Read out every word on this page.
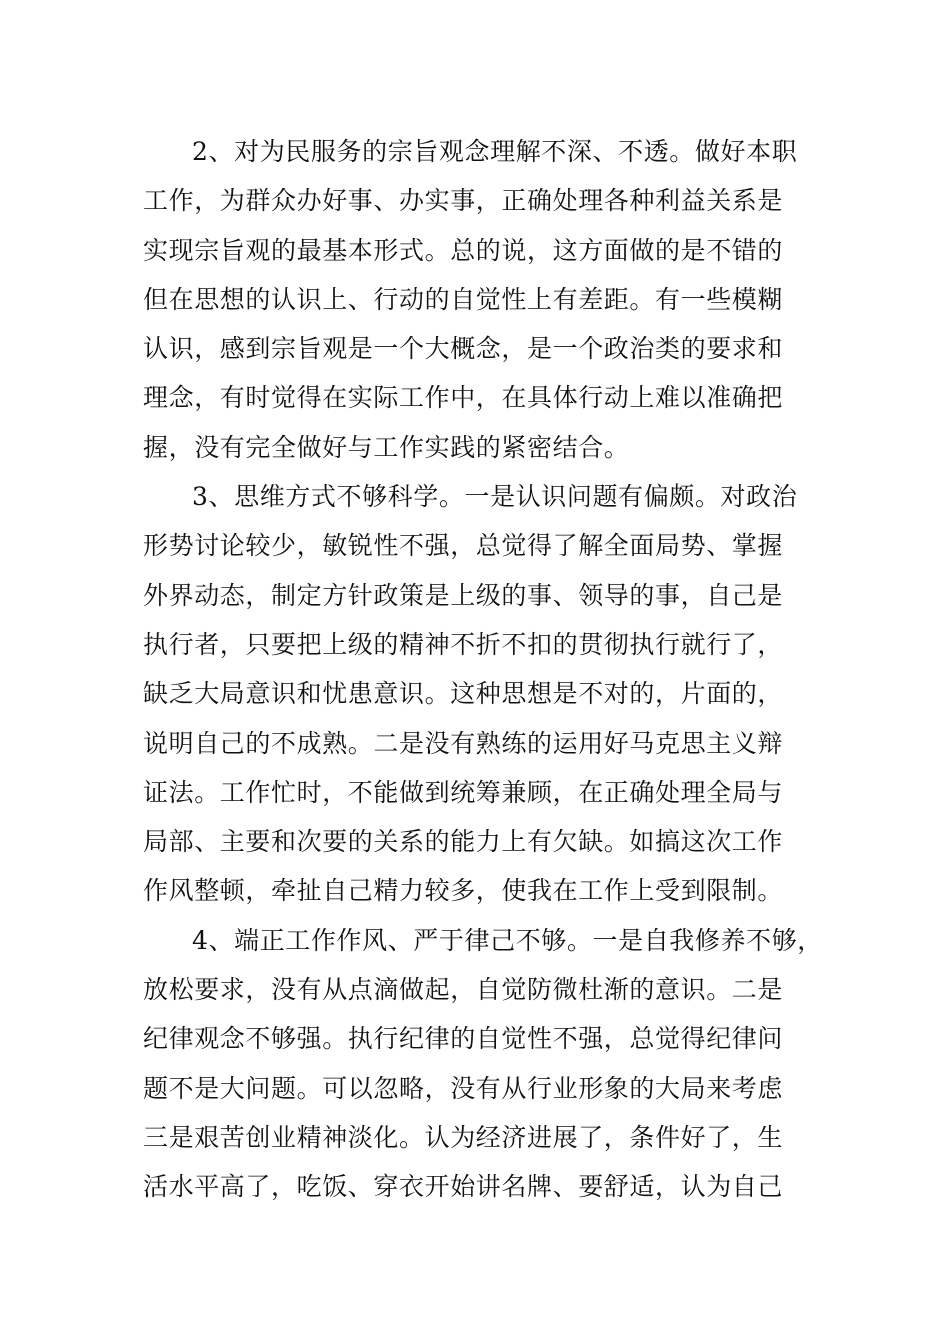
2、对为民服务的宗旨观念理解不深、不透。做好本职
工作，为群众办好事、办实事，正确处理各种利益关系是
实现宗旨观的最基本形式。总的说，这方面做的是不错的
但在思想的认识上、行动的自觉性上有差距。有一些模糊
认识，感到宗旨观是一个大概念，是一个政治类的要求和
理念，有时觉得在实际工作中，在具体行动上难以准确把
握，没有完全做好与工作实践的紧密结合。
3、思维方式不够科学。一是认识问题有偏颇。对政治
形势讨论较少，敏锐性不强，总觉得了解全面局势、掌握
外界动态，制定方针政策是上级的事、领导的事，自己是
执行者，只要把上级的精神不折不扣的贯彻执行就行了，
缺乏大局意识和忧患意识。这种思想是不对的，片面的，
说明自己的不成熟。二是没有熟练的运用好马克思主义辩
证法。工作忙时，不能做到统筹兼顾，在正确处理全局与
局部、主要和次要的关系的能力上有欠缺。如搞这次工作
作风整顿，牵扯自己精力较多，使我在工作上受到限制。
4、端正工作作风、严于律己不够。一是自我修养不够，
放松要求，没有从点滴做起，自觉防微杜渐的意识。二是
纪律观念不够强。执行纪律的自觉性不强，总觉得纪律问
题不是大问题。可以忽略，没有从行业形象的大局来考虑
三是艰苦创业精神淡化。认为经济进展了，条件好了，生
活水平高了，吃饭、穿衣开始讲名牌、要舒适，认为自己
